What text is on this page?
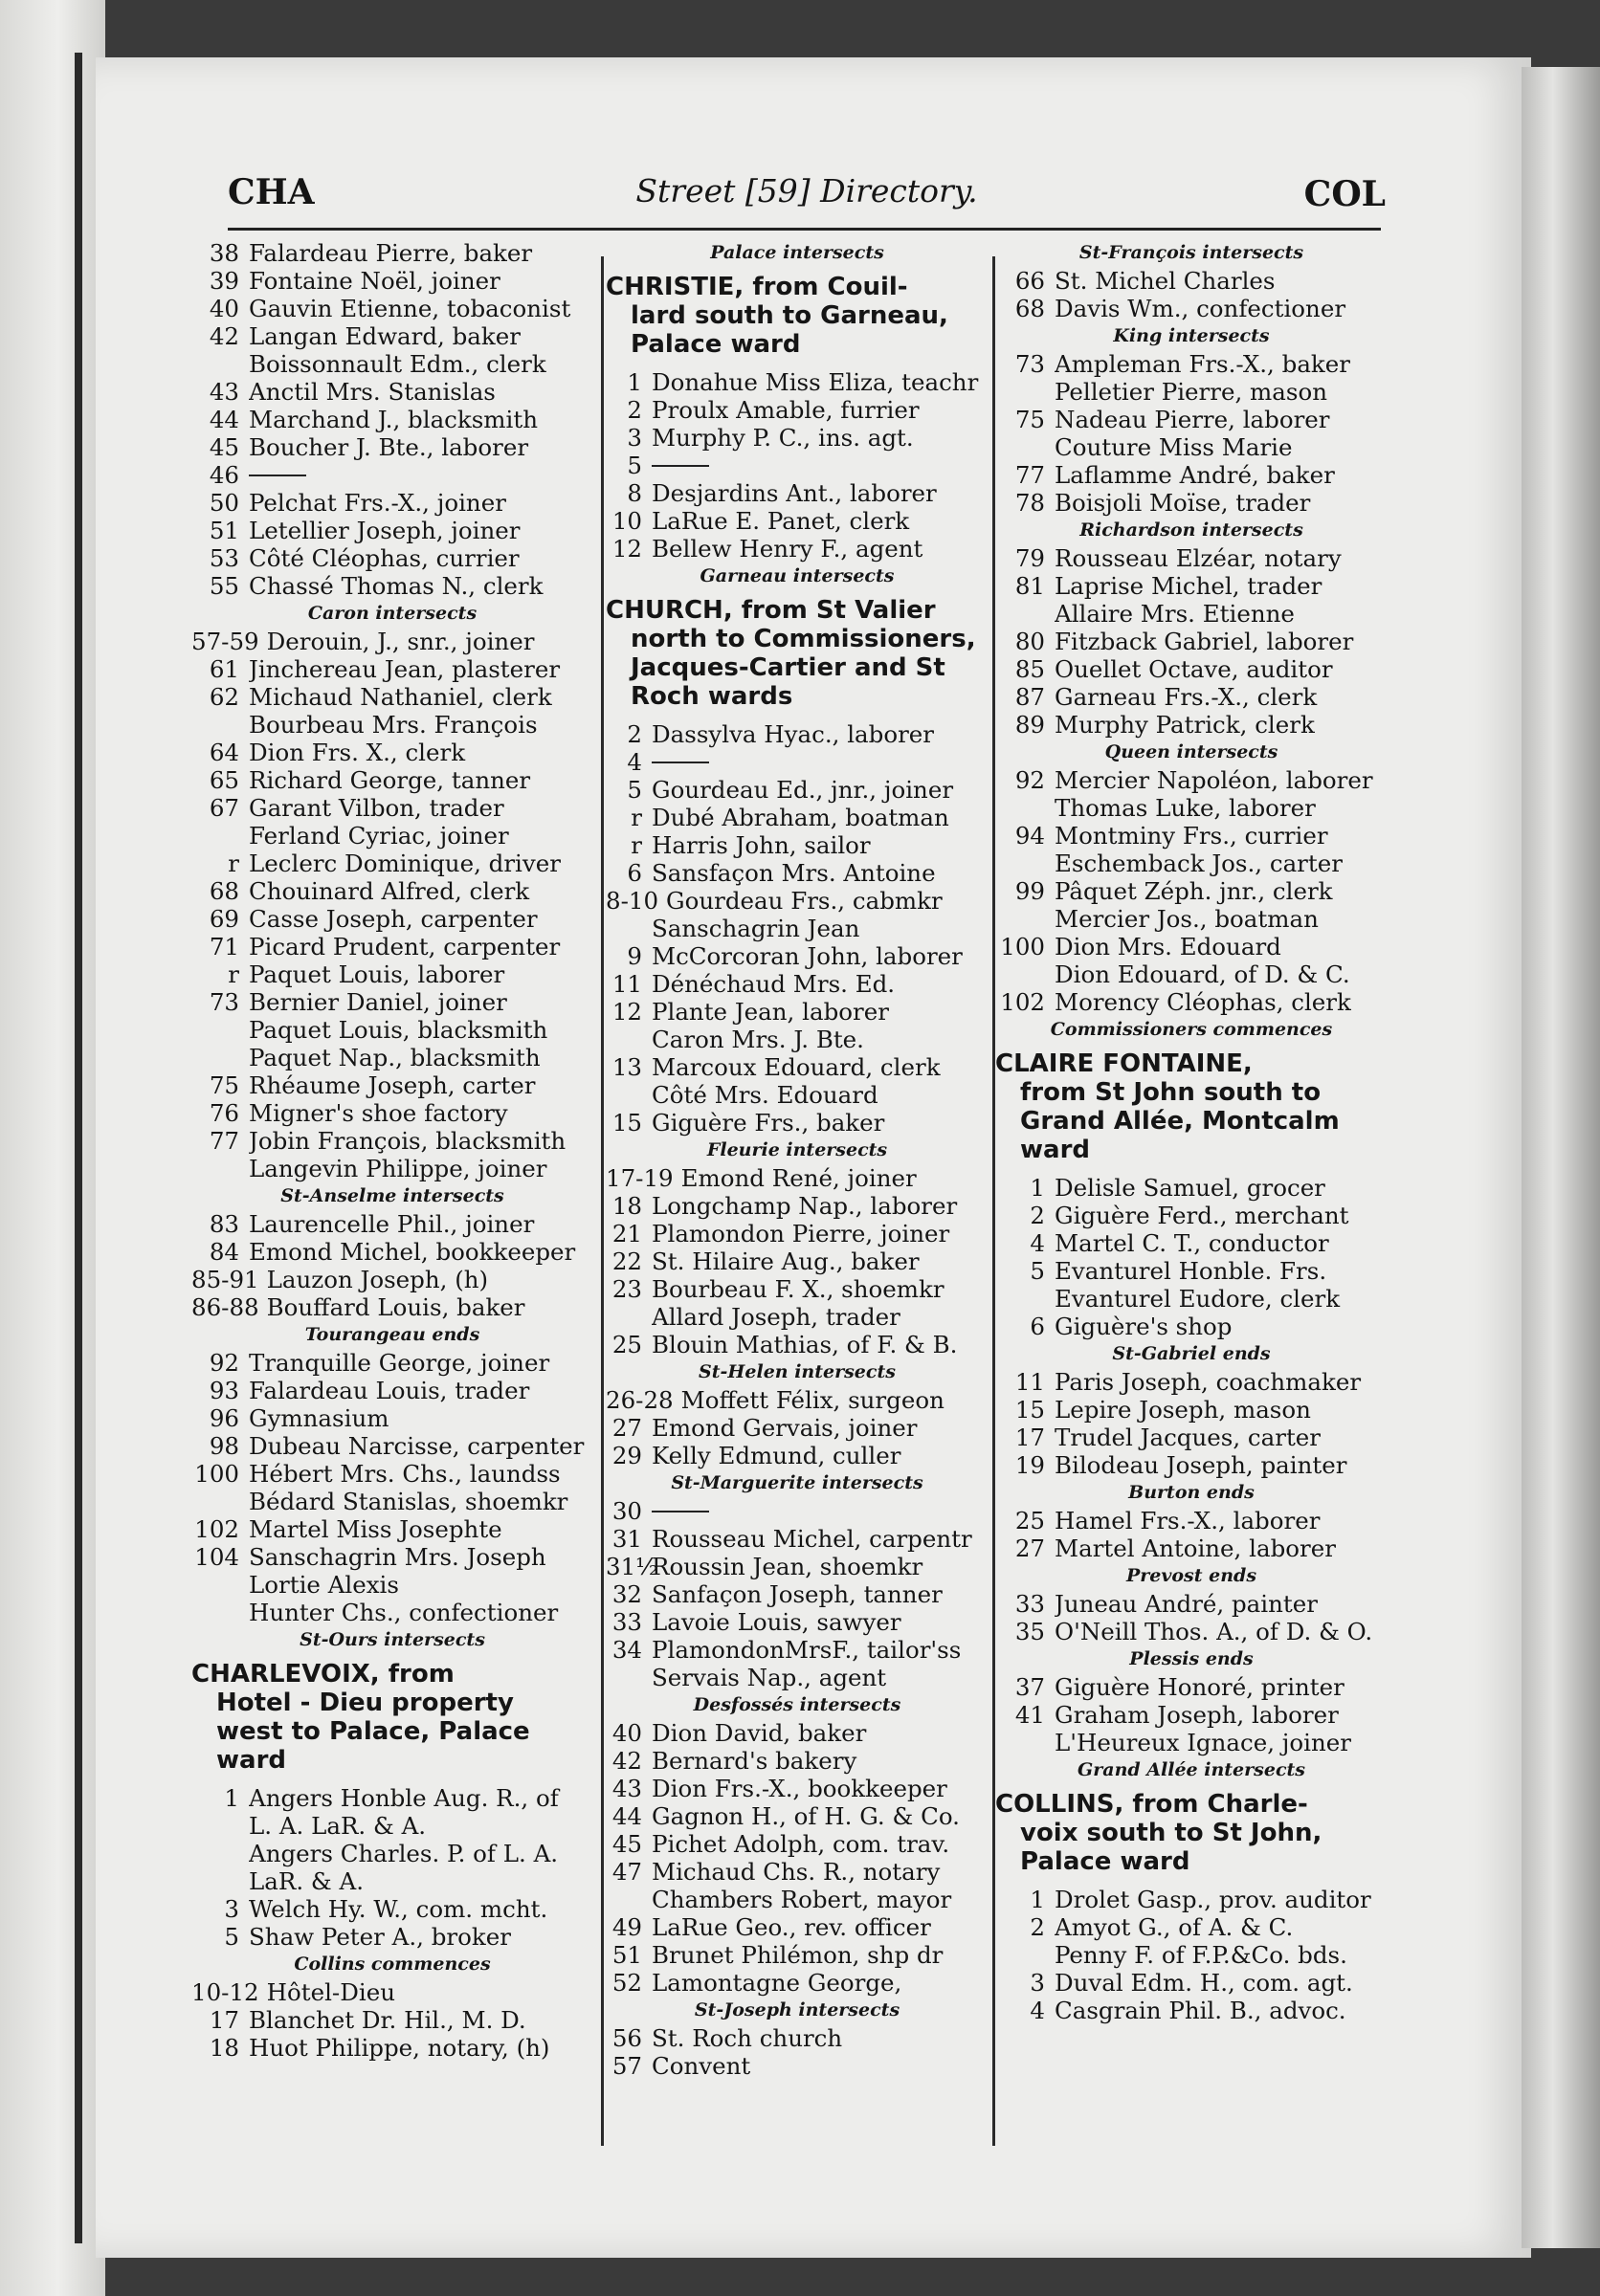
Street [59] Directory.
CHA	COL
38 Falardeau Pierre, baker
39 Fontaine Noël, joiner
40 Gauvin Etienne, tobaconist
42 Langan Edward, baker
Boissonnault Edm., clerk
43 Anctil Mrs. Stanislas
44 Marchand J., blacksmith
45 Boucher J. Bte., laborer
46
50 Pelchat Frs.-X., joiner
51 Letellier Joseph, joiner
53 Côté Cléophas, currier
55 Chassé Thomas N., clerk
Caron intersects
57-59 Derouin, J., snr., joiner
61 Jinchereau Jean, plasterer
62 Michaud Nathaniel, clerk
Bourbeau Mrs. François
64 Dion Frs. X., clerk
65 Richard George, tanner
67 Garant Vilbon, trader
Ferland Cyriac, joiner
r Leclerc Dominique, driver
68 Chouinard Alfred, clerk
69 Casse Joseph, carpenter
71 Picard Prudent, carpenter
r Paquet Louis, laborer
73 Bernier Daniel, joiner
Paquet Louis, blacksmith
Paquet Nap., blacksmith
75 Rhéaume Joseph, carter
76 Migner's shoe factory
77 Jobin François, blacksmith
Langevin Philippe, joiner
St-Anselme intersects
83 Laurencelle Phil., joiner
84 Emond Michel, bookkeeper
85-91 Lauzon Joseph, (h)
86-88 Bouffard Louis, baker
Tourangeau ends
92 Tranquille George, joiner
93 Falardeau Louis, trader
96 Gymnasium
98 Dubeau Narcisse, carpenter
100 Hébert Mrs. Chs., laundss
Bédard Stanislas, shoemkr
102 Martel Miss Josephte
104 Sanschagrin Mrs. Joseph
Lortie Alexis
Hunter Chs., confectioner
St-Ours intersects
CHARLEVOIX, from
Hotel - Dieu property
west to Palace, Palace
ward
1 Angers Honble Aug. R., of
L. A. LaR. & A.
Angers Charles. P. of L. A.
LaR. & A.
3 Welch Hy. W., com. mcht.
5 Shaw Peter A., broker
Collins commences
10-12 Hôtel-Dieu
17 Blanchet Dr. Hil., M. D.
18 Huot Philippe, notary, (h)
Palace intersects
CHRISTIE, from Couil-
lard south to Garneau,
Palace ward
1 Donahue Miss Eliza, teachr
2 Proulx Amable, furrier
3 Murphy P. C., ins. agt.
5
8 Desjardins Ant., laborer
10 LaRue E. Panet, clerk
12 Bellew Henry F., agent
Garneau intersects
CHURCH, from St Valier
north to Commissioners,
Jacques-Cartier and St
Roch wards
2 Dassylva Hyac., laborer
4
5 Gourdeau Ed., jnr., joiner
r Dubé Abraham, boatman
r Harris John, sailor
6 Sansfaçon Mrs. Antoine
8-10 Gourdeau Frs., cabmkr
Sanschagrin Jean
9 McCorcoran John, laborer
11 Dénéchaud Mrs. Ed.
12 Plante Jean, laborer
Caron Mrs. J. Bte.
13 Marcoux Edouard, clerk
Côté Mrs. Edouard
15 Giguère Frs., baker
Fleurie intersects
17-19 Emond René, joiner
18 Longchamp Nap., laborer
21 Plamondon Pierre, joiner
22 St. Hilaire Aug., baker
23 Bourbeau F. X., shoemkr
Allard Joseph, trader
25 Blouin Mathias, of F. & B.
St-Helen intersects
26-28 Moffett Félix, surgeon
27 Emond Gervais, joiner
29 Kelly Edmund, culler
St-Marguerite intersects
30
31 Rousseau Michel, carpentr
31½
Roussin Jean, shoemkr
32 Sanfaçon Joseph, tanner
33 Lavoie Louis, sawyer
34 PlamondonMrsF., tailor'ss
Servais Nap., agent
Desfossés intersects
40 Dion David, baker
42 Bernard's bakery
43 Dion Frs.-X., bookkeeper
44 Gagnon H., of H. G. & Co.
45 Pichet Adolph, com. trav.
47 Michaud Chs. R., notary
Chambers Robert, mayor
49 LaRue Geo., rev. officer
51 Brunet Philémon, shp dr
52 Lamontagne George,
St-Joseph intersects
56 St. Roch church
57 Convent
St-François intersects
66 St. Michel Charles
68 Davis Wm., confectioner
King intersects
73 Ampleman Frs.-X., baker
Pelletier Pierre, mason
75 Nadeau Pierre, laborer
Couture Miss Marie
77 Laflamme André, baker
78 Boisjoli Moïse, trader
Richardson intersects
79 Rousseau Elzéar, notary
81 Laprise Michel, trader
Allaire Mrs. Etienne
80 Fitzback Gabriel, laborer
85 Ouellet Octave, auditor
87 Garneau Frs.-X., clerk
89 Murphy Patrick, clerk
Queen intersects
92 Mercier Napoléon, laborer
Thomas Luke, laborer
94 Montminy Frs., currier
Eschemback Jos., carter
99 Pâquet Zéph. jnr., clerk
Mercier Jos., boatman
100 Dion Mrs. Edouard
Dion Edouard, of D. & C.
102 Morency Cléophas, clerk
Commissioners commences
CLAIRE FONTAINE,
from St John south to
Grand Allée, Montcalm
ward
1 Delisle Samuel, grocer
2 Giguère Ferd., merchant
4 Martel C. T., conductor
5 Evanturel Honble. Frs.
Evanturel Eudore, clerk
6 Giguère's shop
St-Gabriel ends
11 Paris Joseph, coachmaker
15 Lepire Joseph, mason
17 Trudel Jacques, carter
19 Bilodeau Joseph, painter
Burton ends
25 Hamel Frs.-X., laborer
27 Martel Antoine, laborer
Prevost ends
33 Juneau André, painter
35 O'Neill Thos. A., of D. & O.
Plessis ends
37 Giguère Honoré, printer
41 Graham Joseph, laborer
L'Heureux Ignace, joiner
Grand Allée intersects
COLLINS, from Charle-
voix south to St John,
Palace ward
1 Drolet Gasp., prov. auditor
2 Amyot G., of A. & C.
Penny F. of F.P.&Co. bds.
3 Duval Edm. H., com. agt.
4 Casgrain Phil. B., advoc.
